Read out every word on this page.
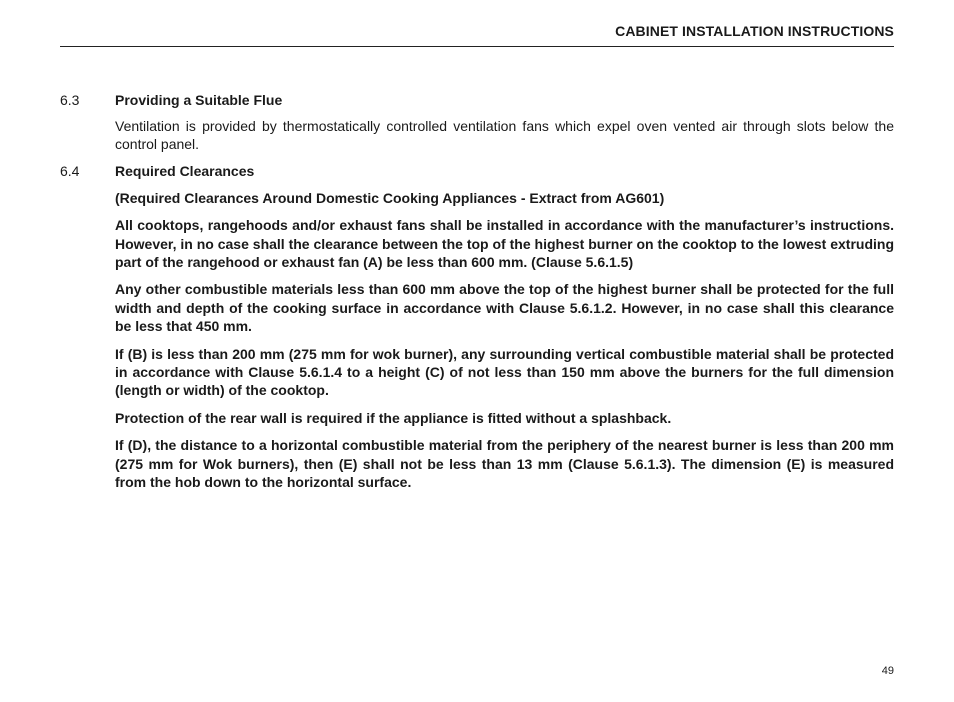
CABINET INSTALLATION INSTRUCTIONS
6.3	Providing a Suitable Flue
Ventilation is provided by thermostatically controlled ventilation fans which expel oven vented air through slots below the control panel.
6.4	Required Clearances
(Required Clearances Around Domestic Cooking Appliances - Extract from AG601)
All cooktops, rangehoods and/or exhaust fans shall be installed in accordance with the manufacturer’s instructions. However, in no case shall the clearance between the top of the highest burner on the cooktop to the lowest extruding part of the rangehood or exhaust fan (A) be less than 600 mm. (Clause 5.6.1.5)
Any other combustible materials less than 600 mm above the top of the highest burner shall be protected for the full width and depth of the cooking surface in accordance with Clause 5.6.1.2. However, in no case shall this clearance be less that 450 mm.
If (B) is less than 200 mm (275 mm for wok burner), any surrounding vertical combustible material shall be protected in accordance with Clause 5.6.1.4 to a height (C) of not less than 150 mm above the burners for the full dimension (length or width) of the cooktop.
Protection of the rear wall is required if the appliance is fitted without a splashback.
If (D), the distance to a horizontal combustible material from the periphery of the nearest burner is less than 200 mm (275 mm for Wok burners), then (E) shall not be less than 13 mm (Clause 5.6.1.3). The dimension (E) is measured from the hob down to the horizontal surface.
49
